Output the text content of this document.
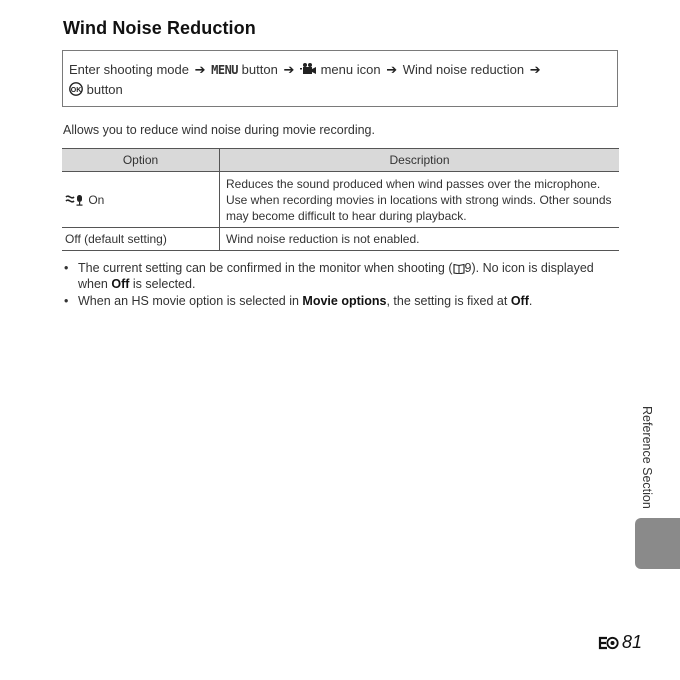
Wind Noise Reduction
Enter shooting mode ➔ MENU button ➔ menu icon ➔ Wind noise reduction ➔
OK button
Allows you to reduce wind noise during movie recording.
Option	Description
On	Reduces the sound produced when wind passes over the microphone. Use when recording movies in locations with strong winds. Other sounds may become difficult to hear during playback.
Off (default setting)	Wind noise reduction is not enabled.
• The current setting can be confirmed in the monitor when shooting ( 9). No icon is displayed when Off is selected.
• When an HS movie option is selected in Movie options, the setting is fixed at Off.
Reference Section
81
